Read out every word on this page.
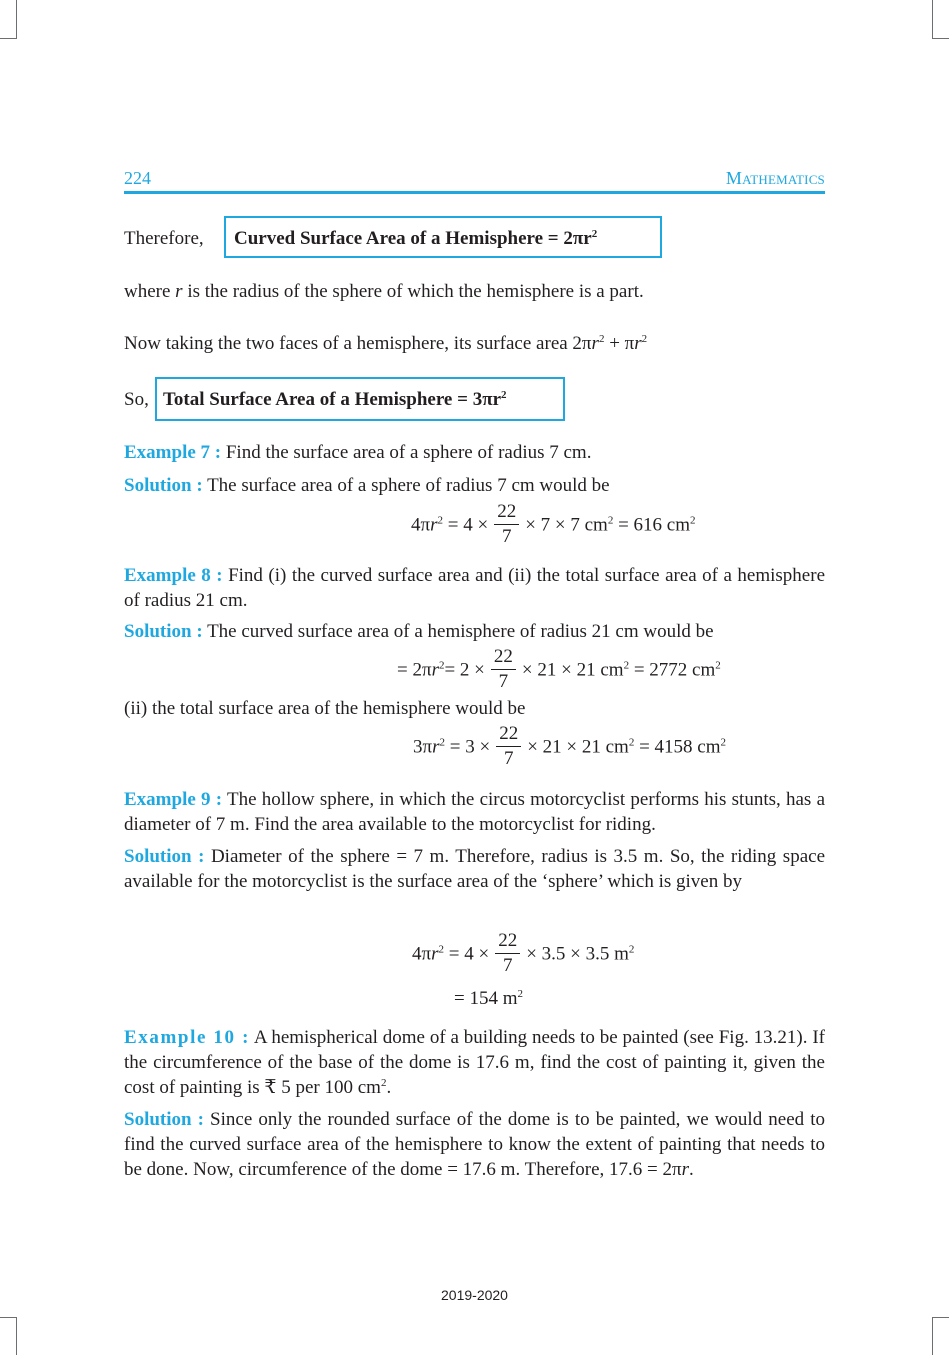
224	Mathematics
Therefore,	Curved Surface Area of a Hemisphere = $2\pi r^2$
where r is the radius of the sphere of which the hemisphere is a part.
Now taking the two faces of a hemisphere, its surface area $2\pi r^2 + \pi r^2$
So, Total Surface Area of a Hemisphere = $3\pi r^2$
Example 7 : Find the surface area of a sphere of radius 7 cm.
Solution : The surface area of a sphere of radius 7 cm would be
$4\pi r^2 = 4 \times \frac{22}{7} \times 7 \times 7$ $cm^2 = 616$ $cm^2$
Example 8 : Find (i) the curved surface area and (ii) the total surface area of a hemisphere of radius 21 cm.
Solution : The curved surface area of a hemisphere of radius 21 cm would be
= $2\pi r^2= 2 \times \frac{22}{7} \times 21 \times 21$ $cm^2 = 2772$ $cm^2$
(ii) the total surface area of the hemisphere would be
$3\pi r^2 = 3 \times \frac{22}{7} \times 21 \times 21$ $cm^2 = 4158$ $cm^2$
Example 9 : The hollow sphere, in which the circus motorcyclist performs his stunts, has a diameter of 7 m. Find the area available to the motorcyclist for riding.
Solution : Diameter of the sphere = 7 m. Therefore, radius is 3.5 m. So, the riding space available for the motorcyclist is the surface area of the ‘sphere’ which is given by
$4\pi r^2 = 4 \times \frac{22}{7} \times 3.5 \times 3.5$ $m^2$
= 154 $m^2$
Example 10 : A hemispherical dome of a building needs to be painted (see Fig. 13.21). If the circumference of the base of the dome is 17.6 m, find the cost of painting it, given the cost of painting is ₹ 5 per 100 $cm^2$.
Solution : Since only the rounded surface of the dome is to be painted, we would need to find the curved surface area of the hemisphere to know the extent of painting that needs to be done. Now, circumference of the dome = 17.6 m. Therefore, 17.6 = 2πr.
2019-2020
